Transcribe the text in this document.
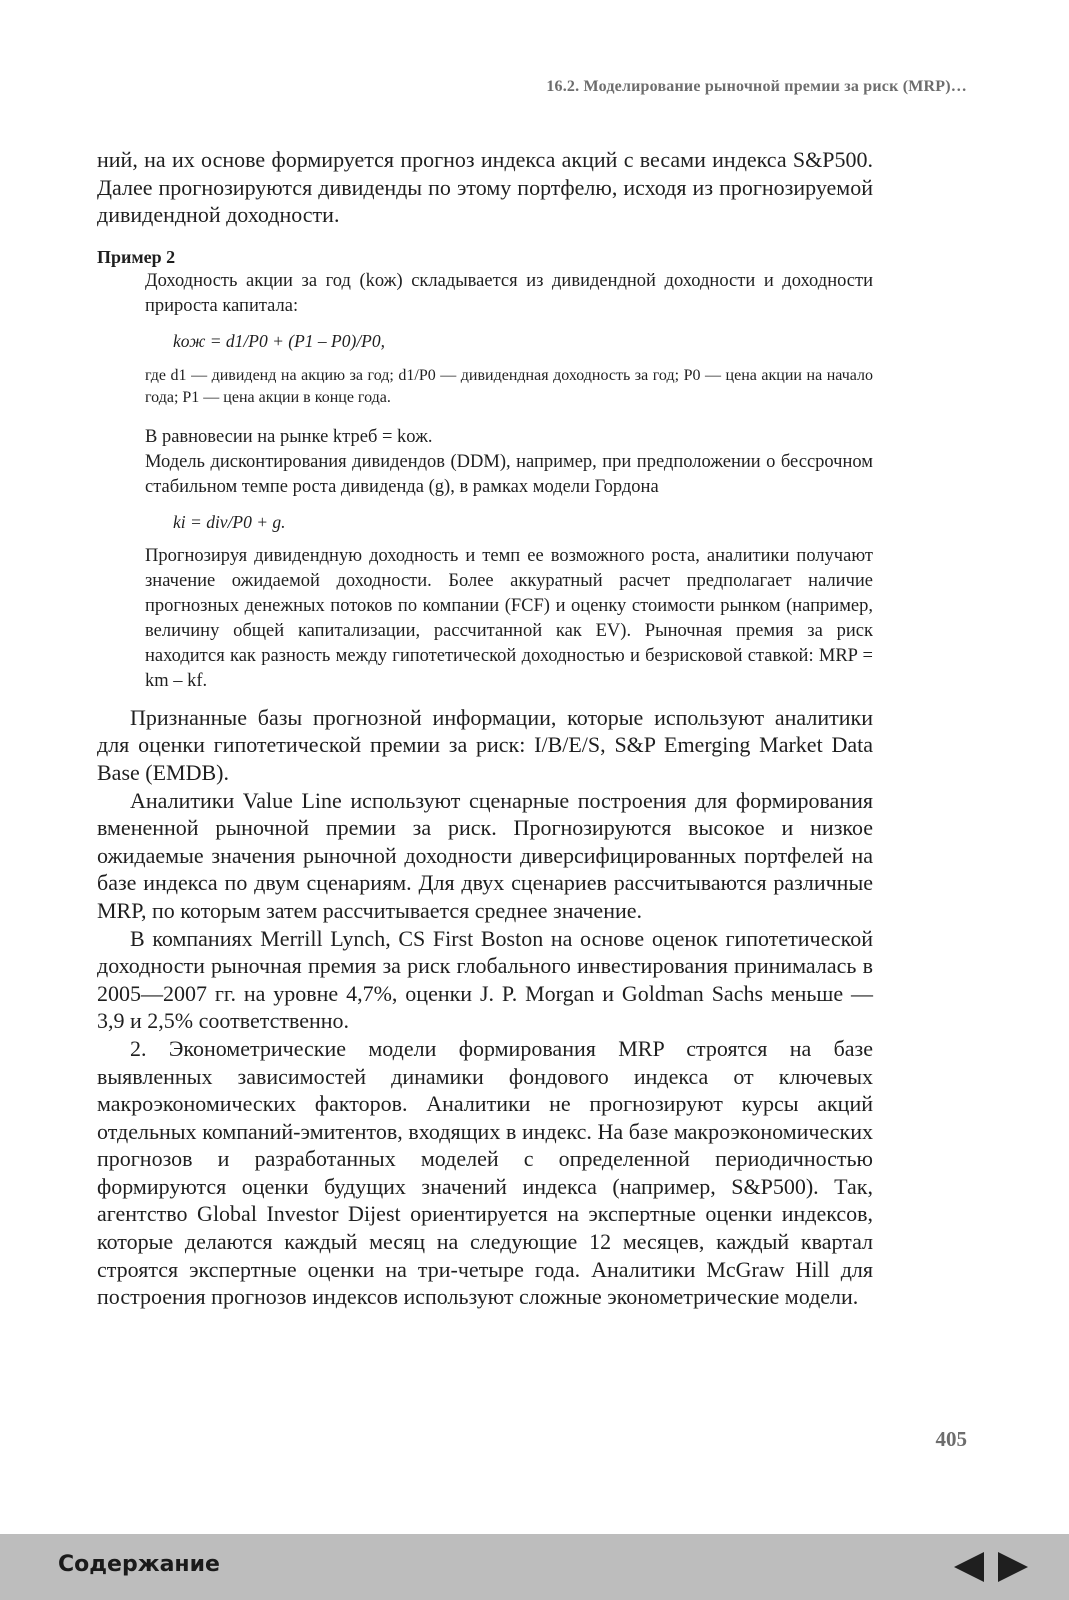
16.2. Моделирование рыночной премии за риск (MRP)…

ний, на их основе формируется прогноз индекса акций с весами индекса S&P500. Далее прогнозируются дивиденды по этому портфелю, исходя из прогнозируемой дивидендной доходности.

Пример 2

Доходность акции за год (kож) складывается из дивидендной доходности и доходности прироста капитала:

kож = d1/P0 + (P1 – P0)/P0,

где d1 — дивиденд на акцию за год; d1/P0 — дивидендная доходность за год; P0 — цена акции на начало года; P1 — цена акции в конце года.

В равновесии на рынке kтреб = kож.

Модель дисконтирования дивидендов (DDM), например, при предположении о бессрочном стабильном темпе роста дивиденда (g), в рамках модели Гордона

ki = div/P0 + g.

Прогнозируя дивидендную доходность и темп ее возможного роста, аналитики получают значение ожидаемой доходности. Более аккуратный расчет предполагает наличие прогнозных денежных потоков по компании (FCF) и оценку стоимости рынком (например, величину общей капитализации, рассчитанной как EV). Рыночная премия за риск находится как разность между гипотетической доходностью и безрисковой ставкой: MRP = km – kf.

Признанные базы прогнозной информации, которые используют аналитики для оценки гипотетической премии за риск: I/B/E/S, S&P Emerging Market Data Base (EMDB).

Аналитики Value Line используют сценарные построения для формирования вмененной рыночной премии за риск. Прогнозируются высокое и низкое ожидаемые значения рыночной доходности диверсифицированных портфелей на базе индекса по двум сценариям. Для двух сценариев рассчитываются различные MRP, по которым затем рассчитывается среднее значение.

В компаниях Merrill Lynch, CS First Boston на основе оценок гипотетической доходности рыночная премия за риск глобального инвестирования принималась в 2005—2007 гг. на уровне 4,7%, оценки J. P. Morgan и Goldman Sachs меньше — 3,9 и 2,5% соответственно.

2. Эконометрические модели формирования MRP строятся на базе выявленных зависимостей динамики фондового индекса от ключевых макроэкономических факторов. Аналитики не прогнозируют курсы акций отдельных компаний-эмитентов, входящих в индекс. На базе макроэкономических прогнозов и разработанных моделей с определенной периодичностью формируются оценки будущих значений индекса (например, S&P500). Так, агентство Global Investor Dijest ориентируется на экспертные оценки индексов, которые делаются каждый месяц на следующие 12 месяцев, каждый квартал строятся экспертные оценки на три-четыре года. Аналитики McGraw Hill для построения прогнозов индексов используют сложные эконометрические модели.

405
Содержание
